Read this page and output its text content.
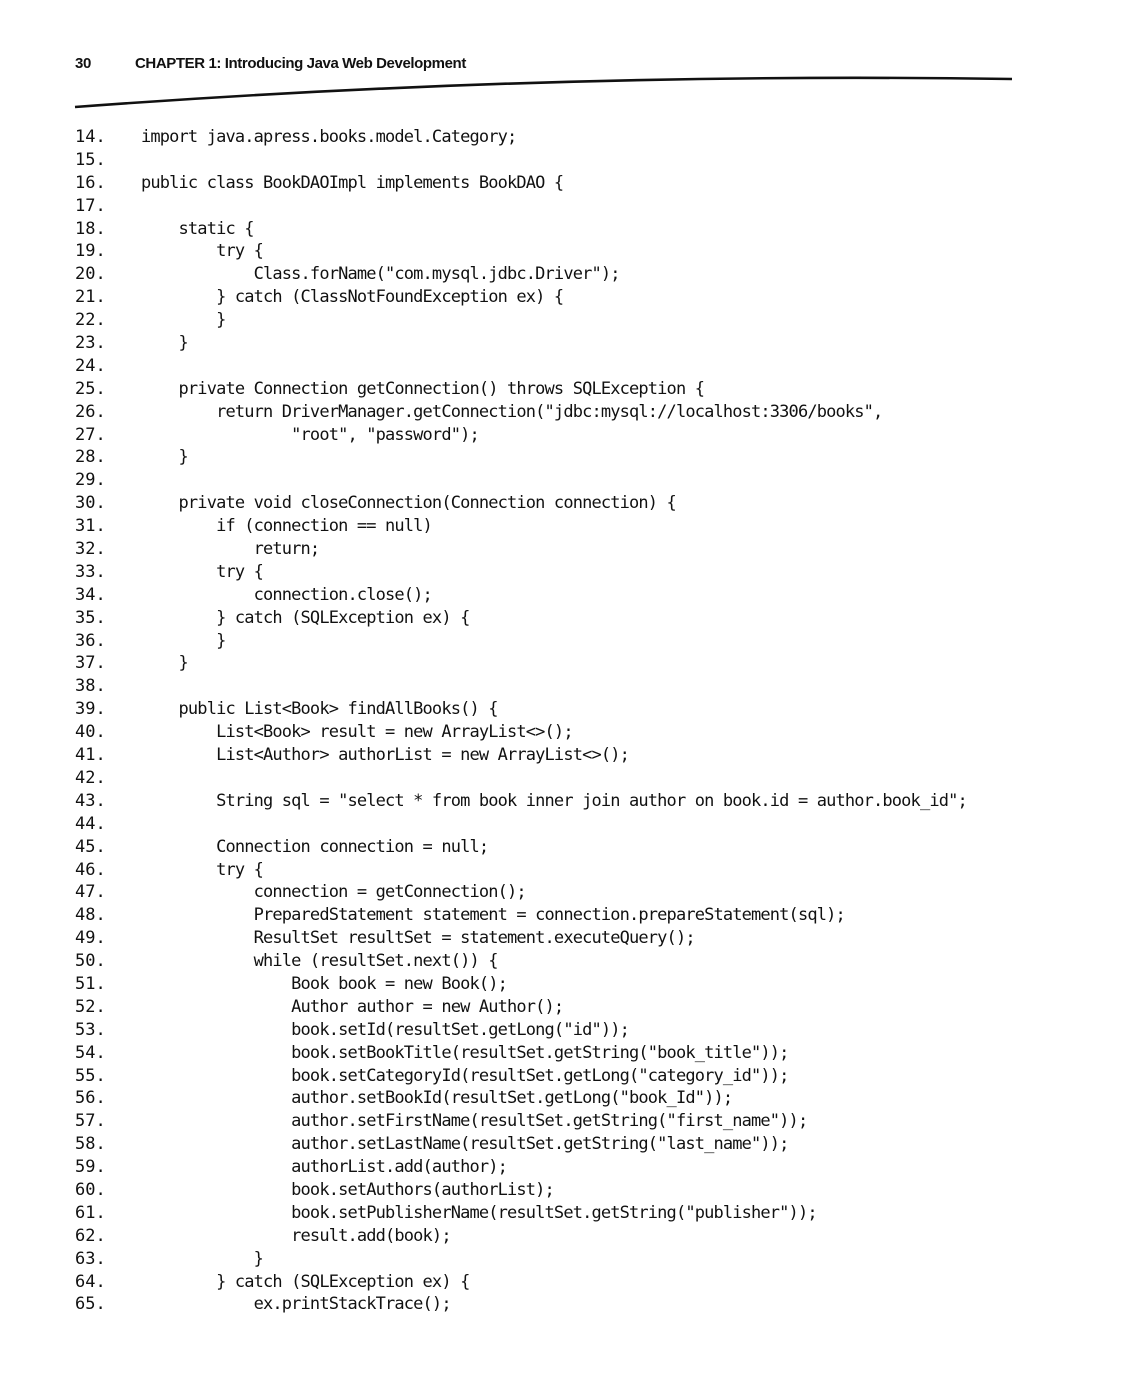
30	CHAPTER 1: Introducing Java Web Development
14.	import java.apress.books.model.Category;
15.
16.	public class BookDAOImpl implements BookDAO {
17.
18.	static {
19.	try {
20.	Class.forName("com.mysql.jdbc.Driver");
21.	} catch (ClassNotFoundException ex) {
22.	}
23.	}
24.
25.	private Connection getConnection() throws SQLException {
26.	return DriverManager.getConnection("jdbc:mysql://localhost:3306/books",
27.	"root", "password");
28.	}
29.
30.	private void closeConnection(Connection connection) {
31.	if (connection == null)
32.	return;
33.	try {
34.	connection.close();
35.	} catch (SQLException ex) {
36.	}
37.	}
38.
39.	public List<Book> findAllBooks() {
40.	List<Book> result = new ArrayList<>();
41.	List<Author> authorList = new ArrayList<>();
42.
43.	String sql = "select * from book inner join author on book.id = author.book_id";
44.
45.	Connection connection = null;
46.	try {
47.	connection = getConnection();
48.	PreparedStatement statement = connection.prepareStatement(sql);
49.	ResultSet resultSet = statement.executeQuery();
50.	while (resultSet.next()) {
51.	Book book = new Book();
52.	Author author = new Author();
53.	book.setId(resultSet.getLong("id"));
54.	book.setBookTitle(resultSet.getString("book_title"));
55.	book.setCategoryId(resultSet.getLong("category_id"));
56.	author.setBookId(resultSet.getLong("book_Id"));
57.	author.setFirstName(resultSet.getString("first_name"));
58.	author.setLastName(resultSet.getString("last_name"));
59.	authorList.add(author);
60.	book.setAuthors(authorList);
61.	book.setPublisherName(resultSet.getString("publisher"));
62.	result.add(book);
63.	}
64.	} catch (SQLException ex) {
65.	ex.printStackTrace();
